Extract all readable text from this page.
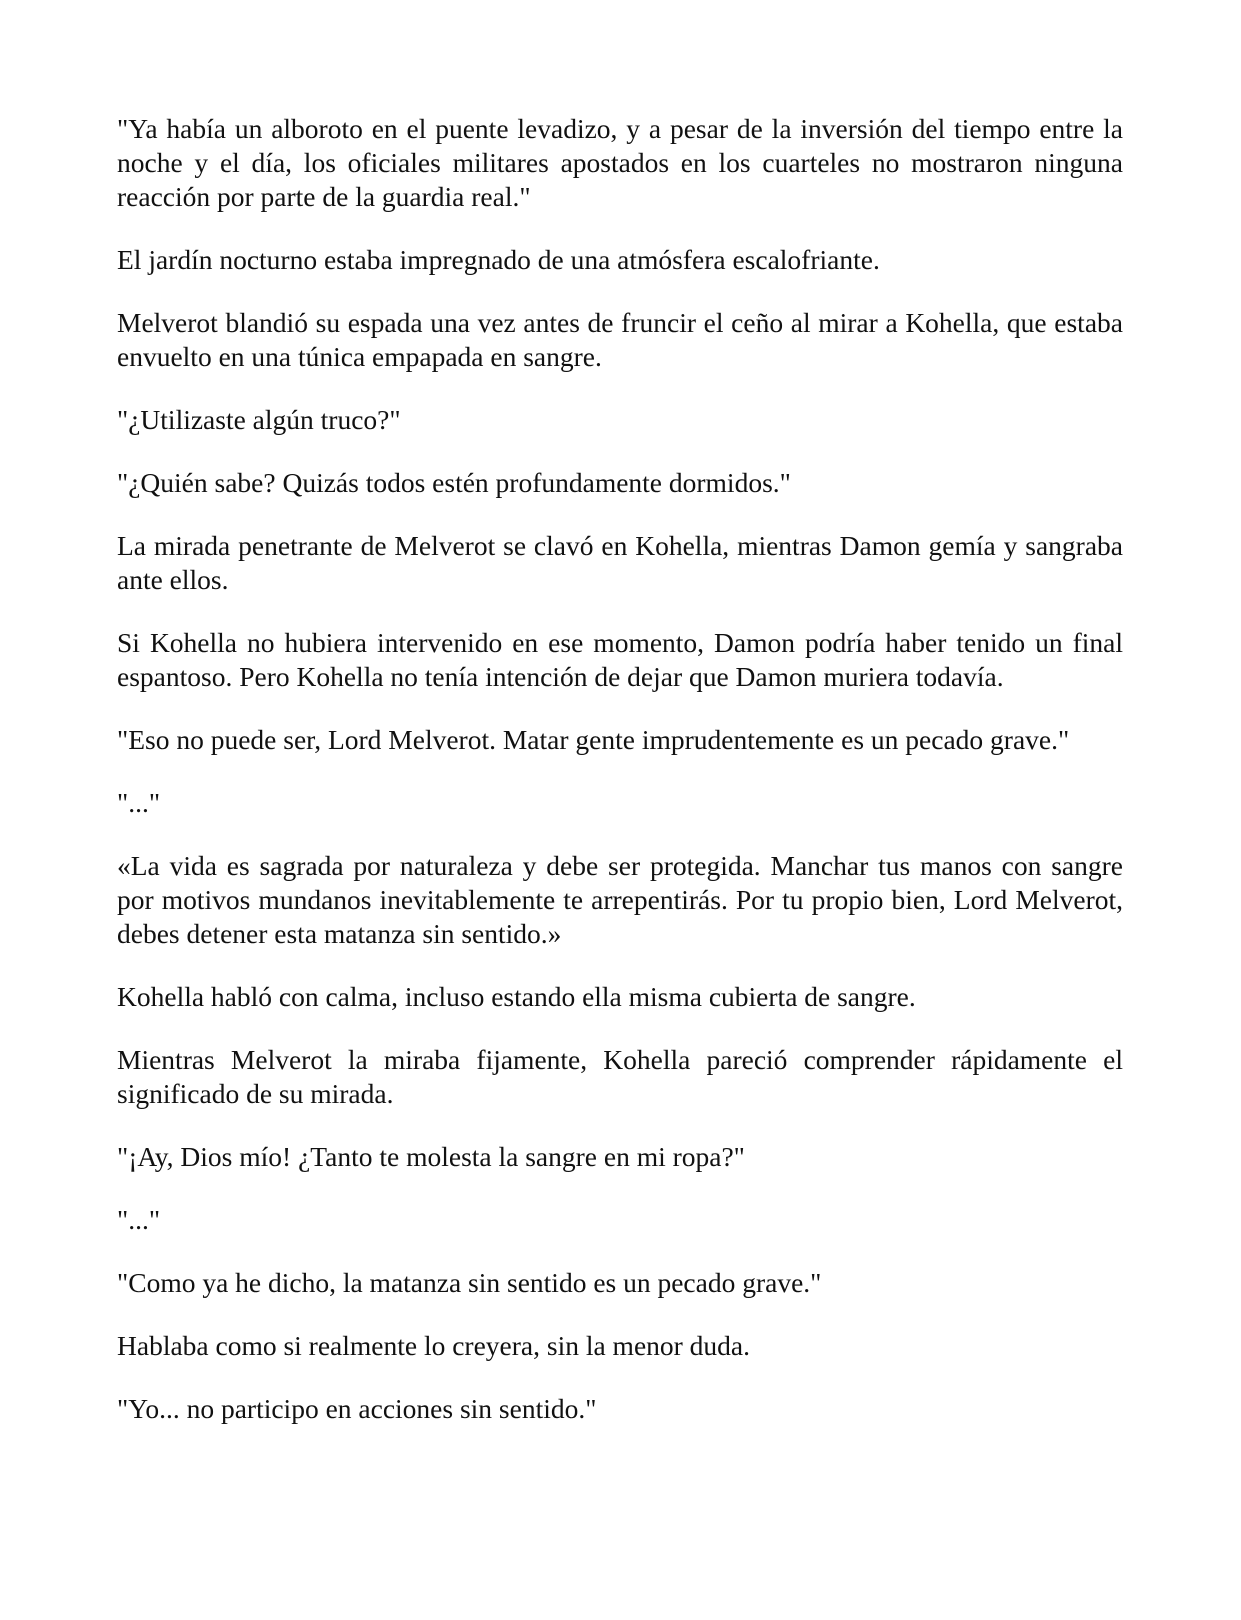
"Ya había un alboroto en el puente levadizo, y a pesar de la inversión del tiempo entre la noche y el día, los oficiales militares apostados en los cuarteles no mostraron ninguna reacción por parte de la guardia real."

El jardín nocturno estaba impregnado de una atmósfera escalofriante.

Melverot blandió su espada una vez antes de fruncir el ceño al mirar a Kohella, que estaba envuelto en una túnica empapada en sangre.

"¿Utilizaste algún truco?"

"¿Quién sabe? Quizás todos estén profundamente dormidos."

La mirada penetrante de Melverot se clavó en Kohella, mientras Damon gemía y sangraba ante ellos.

Si Kohella no hubiera intervenido en ese momento, Damon podría haber tenido un final espantoso. Pero Kohella no tenía intención de dejar que Damon muriera todavía.

"Eso no puede ser, Lord Melverot. Matar gente imprudentemente es un pecado grave."

"..."

«La vida es sagrada por naturaleza y debe ser protegida. Manchar tus manos con sangre por motivos mundanos inevitablemente te arrepentirás. Por tu propio bien, Lord Melverot, debes detener esta matanza sin sentido.»

Kohella habló con calma, incluso estando ella misma cubierta de sangre.

Mientras Melverot la miraba fijamente, Kohella pareció comprender rápidamente el significado de su mirada.

"¡Ay, Dios mío! ¿Tanto te molesta la sangre en mi ropa?"

"..."

"Como ya he dicho, la matanza sin sentido es un pecado grave."

Hablaba como si realmente lo creyera, sin la menor duda.

"Yo... no participo en acciones sin sentido."
